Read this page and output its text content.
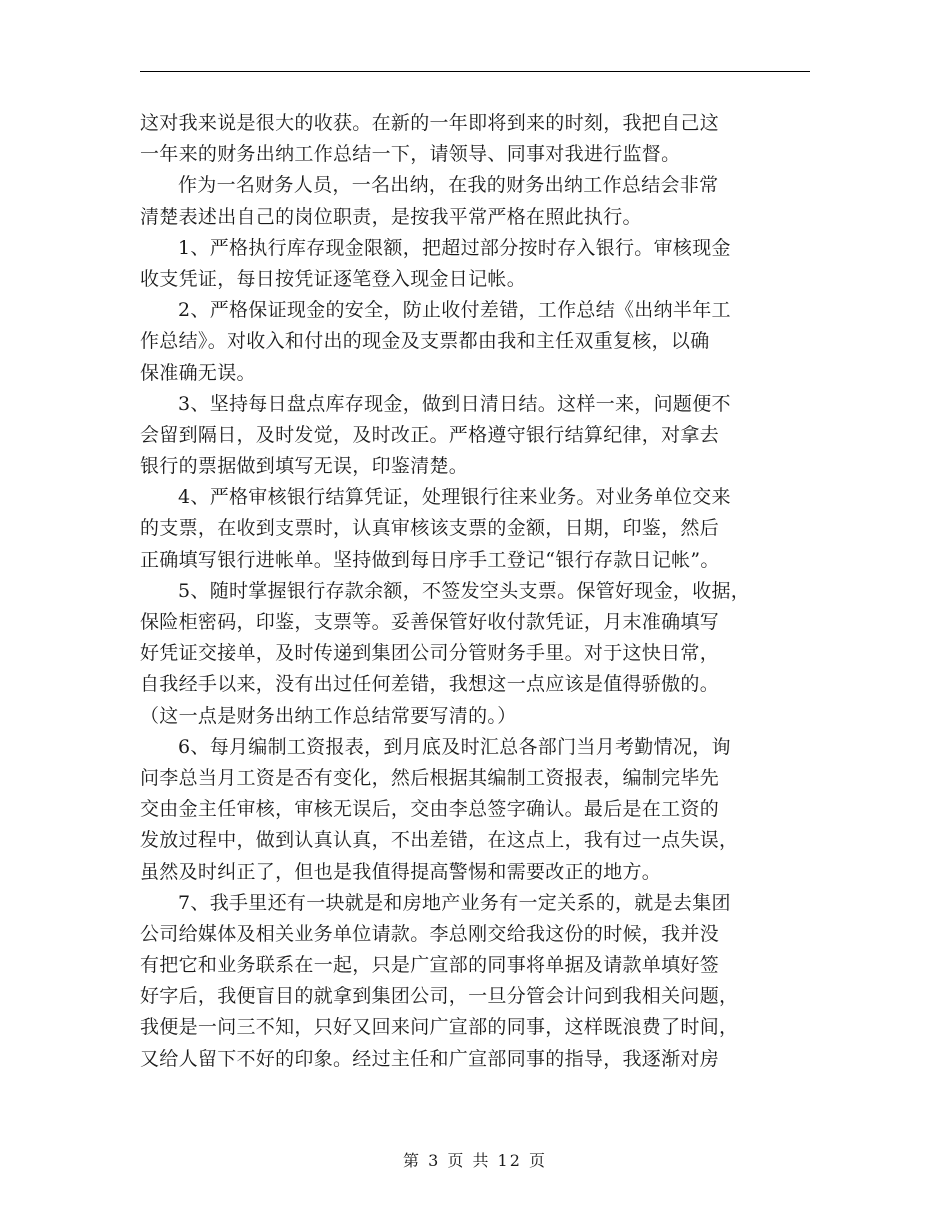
这对我来说是很大的收获。在新的一年即将到来的时刻，我把自己这
一年来的财务出纳工作总结一下，请领导、同事对我进行监督。
作为一名财务人员，一名出纳，在我的财务出纳工作总结会非常
清楚表述出自己的岗位职责，是按我平常严格在照此执行。
1、严格执行库存现金限额，把超过部分按时存入银行。审核现金
收支凭证，每日按凭证逐笔登入现金日记帐。
2、严格保证现金的安全，防止收付差错，工作总结《出纳半年工
作总结》。对收入和付出的现金及支票都由我和主任双重复核，以确
保准确无误。
3、坚持每日盘点库存现金，做到日清日结。这样一来，问题便不
会留到隔日，及时发觉，及时改正。严格遵守银行结算纪律，对拿去
银行的票据做到填写无误，印鉴清楚。
4、严格审核银行结算凭证，处理银行往来业务。对业务单位交来
的支票，在收到支票时，认真审核该支票的金额，日期，印鉴，然后
正确填写银行进帐单。坚持做到每日序手工登记“银行存款日记帐”。
5、随时掌握银行存款余额，不签发空头支票。保管好现金，收据，
保险柜密码，印鉴，支票等。妥善保管好收付款凭证，月末准确填写
好凭证交接单，及时传递到集团公司分管财务手里。对于这快日常，
自我经手以来，没有出过任何差错，我想这一点应该是值得骄傲的。
（这一点是财务出纳工作总结常要写清的。）
6、每月编制工资报表，到月底及时汇总各部门当月考勤情况，询
问李总当月工资是否有变化，然后根据其编制工资报表，编制完毕先
交由金主任审核，审核无误后，交由李总签字确认。最后是在工资的
发放过程中，做到认真认真，不出差错，在这点上，我有过一点失误，
虽然及时纠正了，但也是我值得提高警惕和需要改正的地方。
7、我手里还有一块就是和房地产业务有一定关系的，就是去集团
公司给媒体及相关业务单位请款。李总刚交给我这份的时候，我并没
有把它和业务联系在一起，只是广宣部的同事将单据及请款单填好签
好字后，我便盲目的就拿到集团公司，一旦分管会计问到我相关问题，
我便是一问三不知，只好又回来问广宣部的同事，这样既浪费了时间，
又给人留下不好的印象。经过主任和广宣部同事的指导，我逐渐对房
第 3 页 共 12 页
